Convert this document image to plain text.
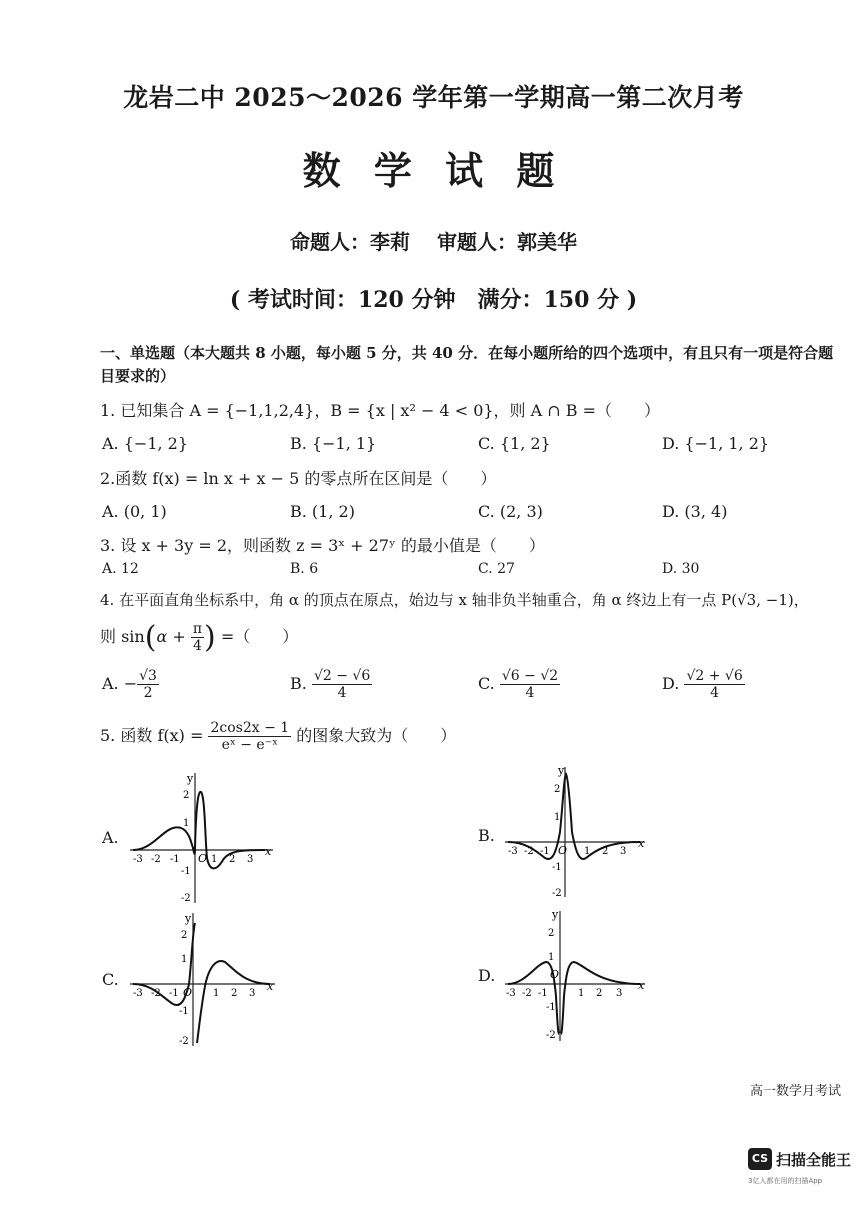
龙岩二中 2025～2026 学年第一学期高一第二次月考
数 学 试 题
命题人：李莉　 审题人：郭美华
( 考试时间：120 分钟　满分：150 分 )
一、单选题（本大题共 8 小题，每小题 5 分，共 40 分．在每小题所给的四个选项中，有且只有一项是符合题目要求的）
1. 已知集合 A = {−1,1,2,4}，B = {x | x² − 4 < 0}，则 A ∩ B =（　　）
A. {−1, 2}	B. {−1, 1}	C. {1, 2}	D. {−1, 1, 2}
2.函数 f(x) = ln x + x − 5 的零点所在区间是（　　）
A. (0, 1)	B. (1, 2)	C. (2, 3)	D. (3, 4)
3. 设 x + 3y = 2，则函数 z = 3ˣ + 27ʸ 的最小值是（　　）
A. 12	B. 6	C. 27	D. 30
4. 在平面直角坐标系中，角 α 的顶点在原点，始边与 x 轴非负半轴重合，角 α 终边上有一点 P(√3, −1)，
则 $\sin(\alpha + \frac{\pi}{4}$ ) =（　　）
A. − $\frac{√3}{2}$	B. $\frac{√2 - √6}{4}$	C. $\frac{√6 - √2}{4}$	D. $\frac{√2 + √6}{4}$
5. 函数 $f(x) = \frac{2\cos 2x - 1}{\text{eˣ − e⁻ˣ}}$ 的图象大致为（　　）
A.	B.
C.	D.
y
x
2
1
-1
-2
-3 -2 -1 O 1 2 3
y
x
2
1
-1
-2
-3 -2 -1 O 1 2 3
y
x
2
1
-1
-2
-3 -2 -1 O 1 2 3
y
x
2
1
-1
-2
-3 -2 -1
O
1 2 3
高一数学月考试
CS 扫描全能王
3亿人都在用的扫描App
